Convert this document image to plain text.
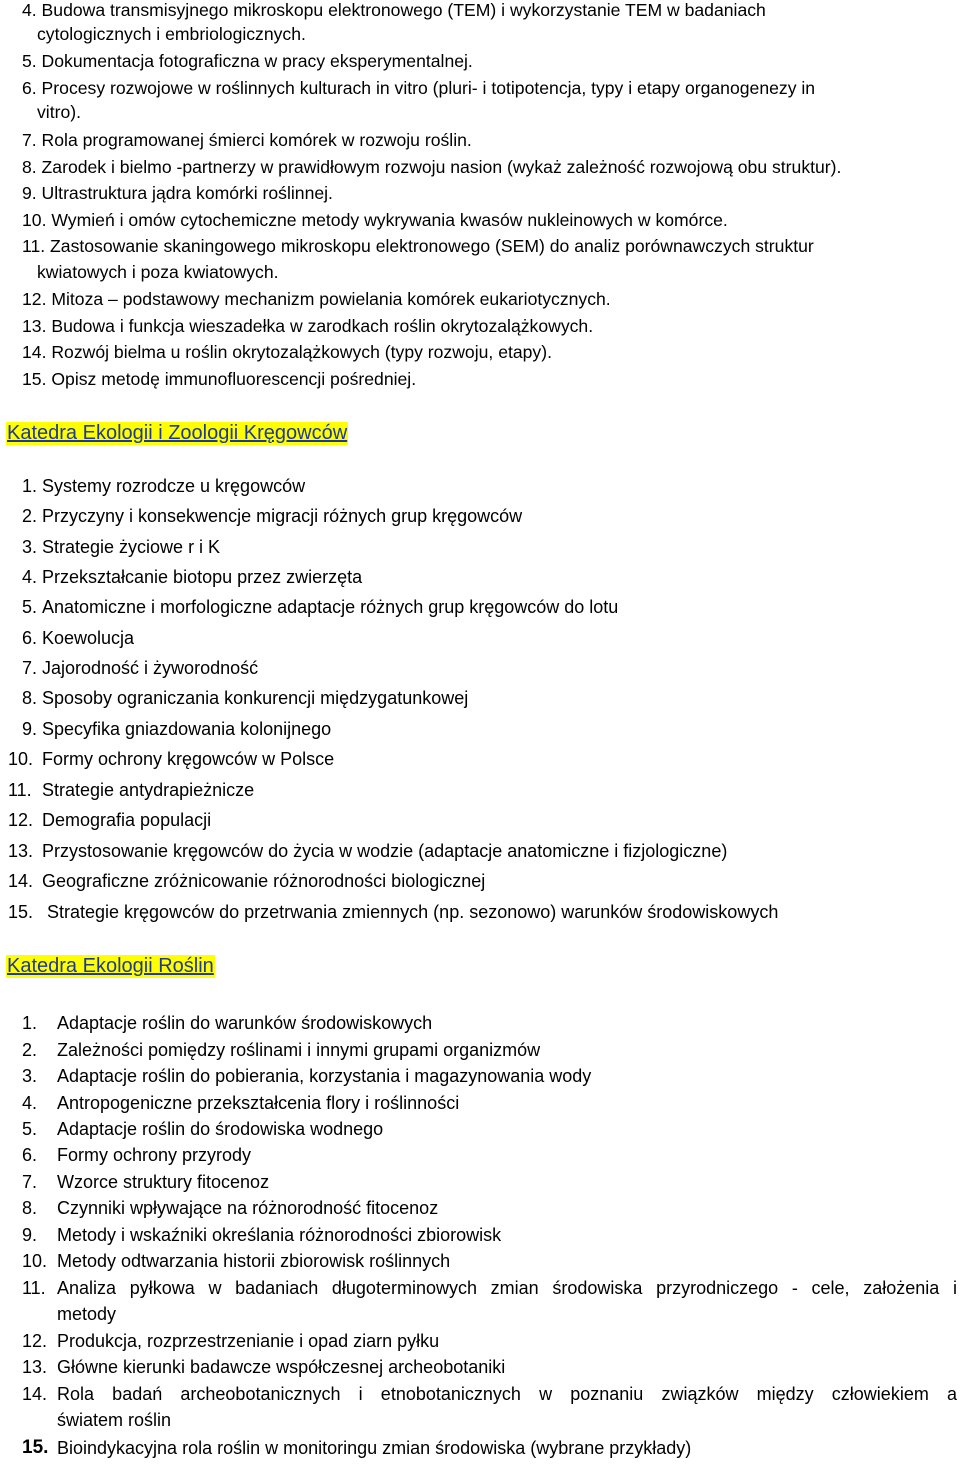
4. Budowa transmisyjnego mikroskopu elektronowego (TEM) i wykorzystanie TEM w badaniach
cytologicznych i embriologicznych.
5. Dokumentacja fotograficzna w pracy eksperymentalnej.
6. Procesy rozwojowe w roślinnych kulturach in vitro (pluri- i totipotencja, typy i etapy organogenezy in
vitro).
7. Rola programowanej śmierci komórek w rozwoju roślin.
8. Zarodek i bielmo -partnerzy w prawidłowym rozwoju nasion (wykaż zależność rozwojową obu struktur).
9. Ultrastruktura jądra komórki roślinnej.
10. Wymień i omów cytochemiczne metody wykrywania kwasów nukleinowych w komórce.
11. Zastosowanie skaningowego mikroskopu elektronowego (SEM) do analiz porównawczych struktur
kwiatowych i poza kwiatowych.
12. Mitoza – podstawowy mechanizm powielania komórek eukariotycznych.
13. Budowa i funkcja wieszadełka w zarodkach roślin okrytozalążkowych.
14. Rozwój bielma u roślin okrytozalążkowych (typy rozwoju, etapy).
15. Opisz metodę immunofluorescencji pośredniej.
Katedra Ekologii i Zoologii Kręgowców
1. Systemy rozrodcze u kręgowców
2. Przyczyny i konsekwencje migracji różnych grup kręgowców
3. Strategie życiowe r i K
4. Przekształcanie biotopu przez zwierzęta
5. Anatomiczne i morfologiczne adaptacje różnych grup kręgowców do lotu
6. Koewolucja
7. Jajorodność i żyworodność
8. Sposoby ograniczania konkurencji międzygatunkowej
9. Specyfika gniazdowania kolonijnego
10. Formy ochrony kręgowców w Polsce
11. Strategie antydrapieżnicze
12. Demografia populacji
13. Przystosowanie kręgowców do życia w wodzie (adaptacje anatomiczne i fizjologiczne)
14. Geograficzne zróżnicowanie różnorodności biologicznej
15. Strategie kręgowców do przetrwania zmiennych (np. sezonowo) warunków środowiskowych
Katedra Ekologii Roślin
1. Adaptacje roślin do warunków środowiskowych
2. Zależności pomiędzy roślinami i innymi grupami organizmów
3. Adaptacje roślin do pobierania, korzystania i magazynowania wody
4. Antropogeniczne przekształcenia flory i roślinności
5. Adaptacje roślin do środowiska wodnego
6. Formy ochrony przyrody
7. Wzorce struktury fitocenoz
8. Czynniki wpływające na różnorodność fitocenoz
9. Metody i wskaźniki określania różnorodności zbiorowisk
10. Metody odtwarzania historii zbiorowisk roślinnych
11. Analiza pyłkowa w badaniach długoterminowych zmian środowiska przyrodniczego - cele, założenia i
metody
12. Produkcja, rozprzestrzenianie i opad ziarn pyłku
13. Główne kierunki badawcze współczesnej archeobotaniki
14. Rola badań archeobotanicznych i etnobotanicznych w poznaniu związków między człowiekiem a
światem roślin
15. Bioindykacyjna rola roślin w monitoringu zmian środowiska (wybrane przykłady)
